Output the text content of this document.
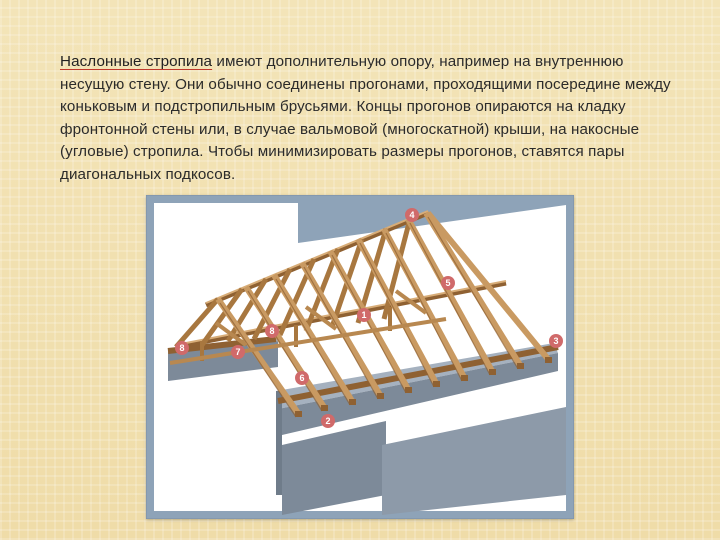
Наслонные стропила имеют дополнительную опору, например на внутреннюю несущую стену. Они обычно соединены прогонами, проходящими посередине между коньковым и подстропильным брусьями. Концы прогонов опираются на кладку фронтонной стены или, в случае вальмовой (многоскатной) крыши, на накосные (угловые) стропила. Чтобы минимизировать размеры прогонов, ставятся пары диагональных подкосов.
4
5
1
3
8
8	7
6
2
Крыша
с наслонными
стропилами
5. Прогон
6. Подкос
7. Балка-затяжка
8. Бабка
